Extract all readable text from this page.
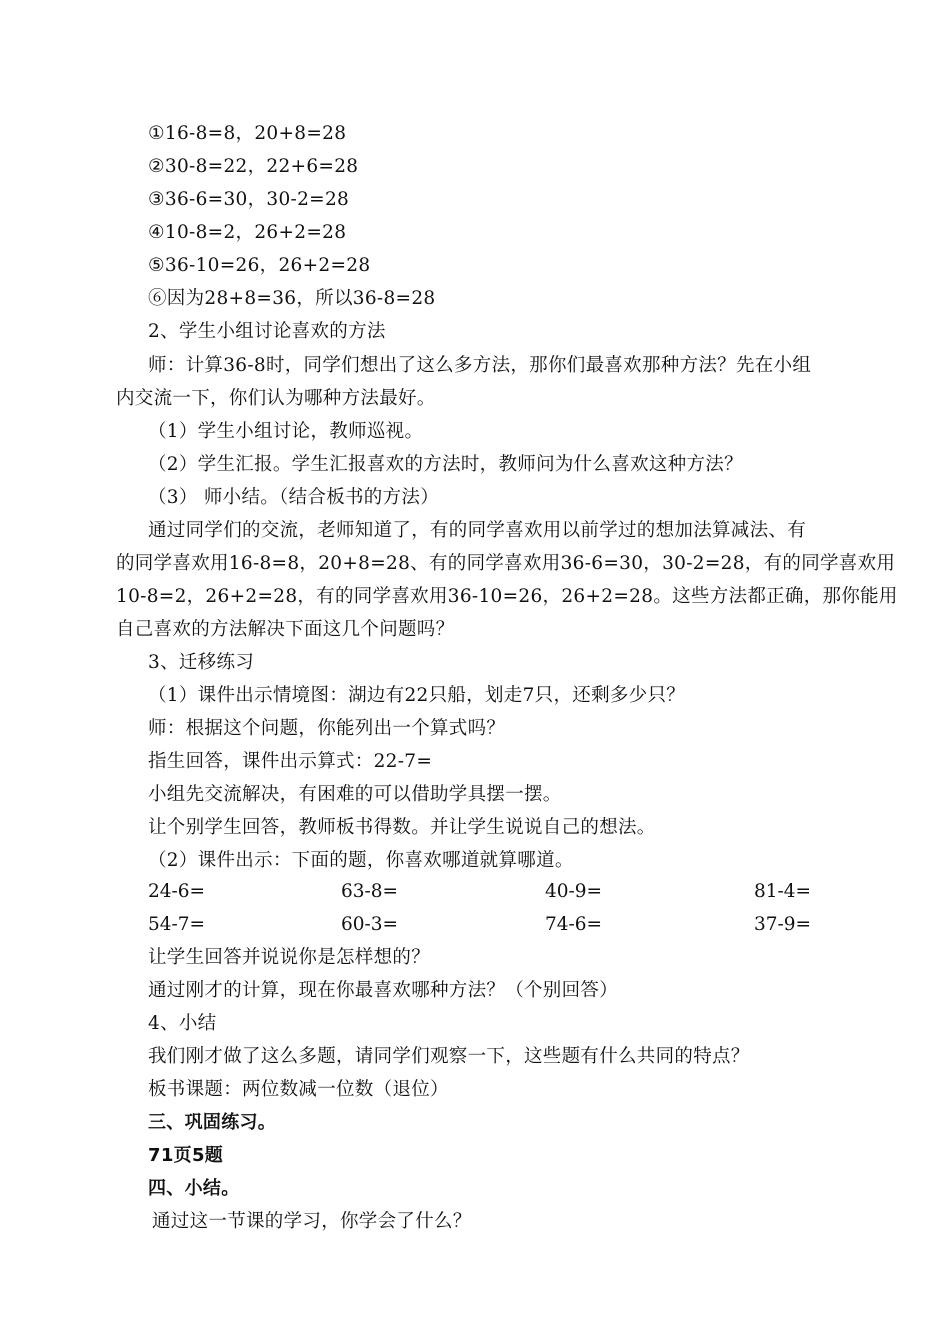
①16-8=8，20+8=28
②30-8=22，22+6=28
③36-6=30，30-2=28
④10-8=2，26+2=28
⑤36-10=26，26+2=28
⑥因为28+8=36，所以36-8=28
2、学生小组讨论喜欢的方法
师：计算36-8时，同学们想出了这么多方法，那你们最喜欢那种方法？先在小组
内交流一下，你们认为哪种方法最好。
（1）学生小组讨论，教师巡视。
（2）学生汇报。学生汇报喜欢的方法时，教师问为什么喜欢这种方法？
（3） 师小结。（结合板书的方法）
通过同学们的交流，老师知道了，有的同学喜欢用以前学过的想加法算减法、有
的同学喜欢用16-8=8，20+8=28、有的同学喜欢用36-6=30，30-2=28，有的同学喜欢用
10-8=2，26+2=28，有的同学喜欢用36-10=26，26+2=28。这些方法都正确，那你能用
自己喜欢的方法解决下面这几个问题吗？
3、迁移练习
（1）课件出示情境图：湖边有22只船，划走7只，还剩多少只？
师：根据这个问题，你能列出一个算式吗？
指生回答，课件出示算式：22-7=
小组先交流解决，有困难的可以借助学具摆一摆。
让个别学生回答，教师板书得数。并让学生说说自己的想法。
（2）课件出示：下面的题，你喜欢哪道就算哪道。
24-6=	63-8=	40-9=	81-4=
54-7=	60-3=	74-6=	37-9=
让学生回答并说说你是怎样想的？
通过刚才的计算，现在你最喜欢哪种方法？（个别回答）
4、小结
我们刚才做了这么多题，请同学们观察一下，这些题有什么共同的特点？
板书课题：两位数减一位数（退位）
三、巩固练习。
71页5题
四、小结。
通过这一节课的学习，你学会了什么？
